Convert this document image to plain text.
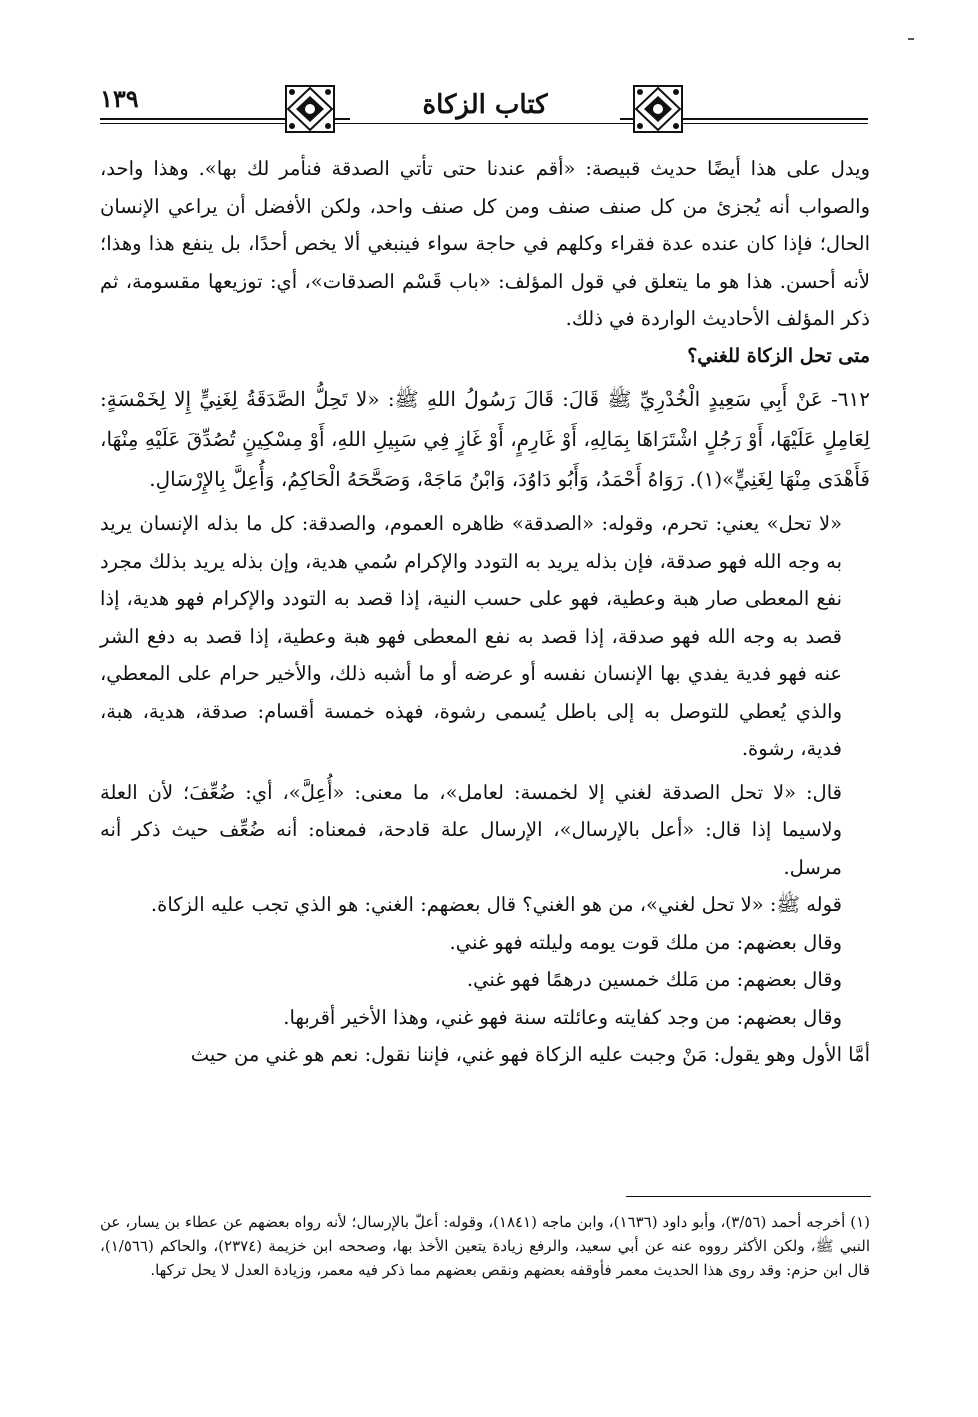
١٣٩	كتاب الزكاة

ويدل على هذا أيضًا حديث قبيصة: «أقم عندنا حتى تأتي الصدقة فنأمر لك بها». وهذا واحد، والصواب أنه يُجزئ من كل صنف صنف ومن كل صنف واحد، ولكن الأفضل أن يراعي الإنسان الحال؛ فإذا كان عنده عدة فقراء وكلهم في حاجة سواء فينبغي ألا يخص أحدًا، بل ينفع هذا وهذا؛ لأنه أحسن. هذا هو ما يتعلق في قول المؤلف: «باب قَسْم الصدقات»، أي: توزيعها مقسومة، ثم ذكر المؤلف الأحاديث الواردة في ذلك.

متى تحل الزكاة للغني؟

٦١٢- عَنْ أَبِي سَعِيدٍ الْخُدْرِيِّ ﷺ قَالَ: قَالَ رَسُولُ اللهِ ﷺ: «لا تَحِلُّ الصَّدَقَةُ لِغَنِيٍّ إِلا لِخَمْسَةٍ: لِعَامِلٍ عَلَيْهَا، أَوْ رَجُلٍ اشْتَرَاهَا بِمَالِهِ، أَوْ غَارِمٍ، أَوْ غَازٍ فِي سَبِيلِ اللهِ، أَوْ مِسْكِينٍ تُصُدِّقَ عَلَيْهِ مِنْهَا، فَأَهْدَى مِنْهَا لِغَنِيٍّ»(١). رَوَاهُ أَحْمَدُ، وَأَبُو دَاوُدَ، وَابْنُ مَاجَهْ، وَصَحَّحَهُ الْحَاكِمُ، وَأُعِلَّ بِالإِرْسَالِ.

«لا تحل» يعني: تحرم، وقوله: «الصدقة» ظاهره العموم، والصدقة: كل ما بذله الإنسان يريد به وجه الله فهو صدقة، فإن بذله يريد به التودد والإكرام سُمي هدية، وإن بذله يريد بذلك مجرد نفع المعطى صار هبة وعطية، فهو على حسب النية، إذا قصد به التودد والإكرام فهو هدية، إذا قصد به وجه الله فهو صدقة، إذا قصد به نفع المعطى فهو هبة وعطية، إذا قصد به دفع الشر عنه فهو فدية يفدي بها الإنسان نفسه أو عرضه أو ما أشبه ذلك، والأخير حرام على المعطي، والذي يُعطي للتوصل به إلى باطل يُسمى رشوة، فهذه خمسة أقسام: صدقة، هدية، هبة، فدية، رشوة.

قال: «لا تحل الصدقة لغني إلا لخمسة: لعامل»، ما معنى: «أُعِلَّ»، أي: ضُعِّفَ؛ لأن العلة ولاسيما إذا قال: «أعل بالإرسال»، الإرسال علة قادحة، فمعناه: أنه ضُعِّف حيث ذكر أنه مرسل.

قوله ﷺ: «لا تحل لغني»، من هو الغني؟ قال بعضهم: الغني: هو الذي تجب عليه الزكاة.

وقال بعضهم: من ملك قوت يومه وليلته فهو غني.

وقال بعضهم: من مَلك خمسين درهمًا فهو غني.

وقال بعضهم: من وجد كفايته وعائلته سنة فهو غني، وهذا الأخير أقربها.

أمَّا الأول وهو يقول: مَنْ وجبت عليه الزكاة فهو غني، فإننا نقول: نعم هو غني من حيث

(١) أخرجه أحمد (٣/٥٦)، وأبو داود (١٦٣٦)، وابن ماجه (١٨٤١)، وقوله: أعلّ بالإرسال؛ لأنه رواه بعضهم عن عطاء بن يسار، عن النبي ﷺ، ولكن الأكثر رووه عنه عن أبي سعيد، والرفع زيادة يتعين الأخذ بها، وصححه ابن خزيمة (٢٣٧٤)، والحاكم (١/٥٦٦)، قال ابن حزم: وقد روى هذا الحديث معمر فأوقفه بعضهم ونقص بعضهم مما ذكر فيه معمر، وزيادة العدل لا يحل تركها.
